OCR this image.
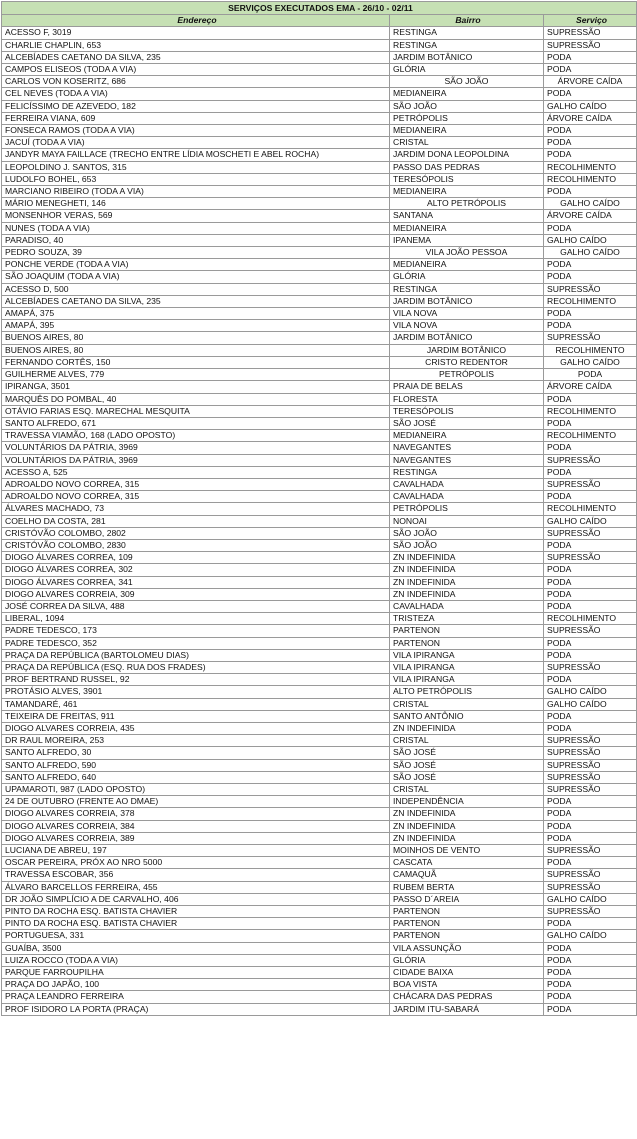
SERVIÇOS EXECUTADOS EMA - 26/10 - 02/11		
Endereço	Bairro	Serviço
ACESSO F, 3019	RESTINGA	SUPRESSÃO
CHARLIE CHAPLIN, 653	RESTINGA	SUPRESSÃO
ALCEBÍADES CAETANO DA SILVA, 235	JARDIM BOTÂNICO	PODA
CAMPOS ELISEOS (TODA A VIA)	GLÓRIA	PODA
CARLOS VON KOSERITZ, 686	SÃO JOÃO	ÁRVORE CAÍDA
CEL NEVES (TODA A VIA)	MEDIANEIRA	PODA
FELICÍSSIMO DE AZEVEDO, 182	SÃO JOÃO	GALHO CAÍDO
FERREIRA VIANA, 609	PETRÓPOLIS	ÁRVORE CAÍDA
FONSECA RAMOS (TODA A VIA)	MEDIANEIRA	PODA
JACUÍ (TODA A VIA)	CRISTAL	PODA
JANDYR MAYA FAILLACE (TRECHO ENTRE LÍDIA MOSCHETI E ABEL ROCHA)	JARDIM DONA LEOPOLDINA	PODA
LEOPOLDINO J. SANTOS, 315	PASSO DAS PEDRAS	RECOLHIMENTO
LUDOLFO BOHEL, 653	TERESÓPOLIS	RECOLHIMENTO
MARCIANO RIBEIRO (TODA A VIA)	MEDIANEIRA	PODA
MÁRIO MENEGHETI, 146	ALTO PETRÓPOLIS	GALHO CAÍDO
MONSENHOR VERAS, 569	SANTANA	ÁRVORE CAÍDA
NUNES (TODA A VIA)	MEDIANEIRA	PODA
PARADISO, 40	IPANEMA	GALHO CAÍDO
PEDRO SOUZA, 39	VILA JOÃO PESSOA	GALHO CAÍDO
PONCHE VERDE (TODA A VIA)	MEDIANEIRA	PODA
SÃO JOAQUIM (TODA A VIA)	GLÓRIA	PODA
ACESSO D, 500	RESTINGA	SUPRESSÃO
ALCEBÍADES CAETANO DA SILVA, 235	JARDIM BOTÂNICO	RECOLHIMENTO
AMAPÁ, 375	VILA NOVA	PODA
AMAPÁ, 395	VILA NOVA	PODA
BUENOS AIRES, 80	JARDIM BOTÂNICO	SUPRESSÃO
BUENOS AIRES, 80	JARDIM BOTÂNICO	RECOLHIMENTO
FERNANDO CORTÊS, 150	CRISTO REDENTOR	GALHO CAÍDO
GUILHERME ALVES, 779	PETRÓPOLIS	PODA
IPIRANGA, 3501	PRAIA DE BELAS	ÁRVORE CAÍDA
MARQUÊS DO POMBAL, 40	FLORESTA	PODA
OTÁVIO FARIAS ESQ. MARECHAL MESQUITA	TERESÓPOLIS	RECOLHIMENTO
SANTO ALFREDO, 671	SÃO JOSÉ	PODA
TRAVESSA VIAMÃO, 168 (LADO OPOSTO)	MEDIANEIRA	RECOLHIMENTO
VOLUNTÁRIOS DA PÁTRIA, 3969	NAVEGANTES	PODA
VOLUNTÁRIOS DA PÁTRIA, 3969	NAVEGANTES	SUPRESSÃO
ACESSO A, 525	RESTINGA	PODA
ADROALDO NOVO CORREA, 315	CAVALHADA	SUPRESSÃO
ADROALDO NOVO CORREA, 315	CAVALHADA	PODA
ÁLVARES MACHADO, 73	PETRÓPOLIS	RECOLHIMENTO
COELHO DA COSTA, 281	NONOAI	GALHO CAÍDO
CRISTÓVÃO COLOMBO, 2802	SÃO JOÃO	SUPRESSÃO
CRISTÓVÃO COLOMBO, 2830	SÃO JOÃO	PODA
DIOGO ÁLVARES CORREA, 109	ZN INDEFINIDA	SUPRESSÃO
DIOGO ÁLVARES CORREA, 302	ZN INDEFINIDA	PODA
DIOGO ÁLVARES CORREA, 341	ZN INDEFINIDA	PODA
DIOGO ALVARES CORREIA, 309	ZN INDEFINIDA	PODA
JOSÉ CORREA DA SILVA, 488	CAVALHADA	PODA
LIBERAL, 1094	TRISTEZA	RECOLHIMENTO
PADRE TEDESCO, 173	PARTENON	SUPRESSÃO
PADRE TEDESCO, 352	PARTENON	PODA
PRAÇA DA REPÚBLICA (BARTOLOMEU DIAS)	VILA IPIRANGA	PODA
PRAÇA DA REPÚBLICA (ESQ. RUA DOS FRADES)	VILA IPIRANGA	SUPRESSÃO
PROF BERTRAND RUSSEL, 92	VILA IPIRANGA	PODA
PROTÁSIO ALVES, 3901	ALTO PETRÓPOLIS	GALHO CAÍDO
TAMANDARÉ, 461	CRISTAL	GALHO CAÍDO
TEIXEIRA DE FREITAS, 911	SANTO ANTÔNIO	PODA
DIOGO ALVARES CORREIA, 435	ZN INDEFINIDA	PODA
DR RAUL MOREIRA, 253	CRISTAL	SUPRESSÃO
SANTO ALFREDO, 30	SÃO JOSÉ	SUPRESSÃO
SANTO ALFREDO, 590	SÃO JOSÉ	SUPRESSÃO
SANTO ALFREDO, 640	SÃO JOSÉ	SUPRESSÃO
UPAMAROTI, 987 (LADO OPOSTO)	CRISTAL	SUPRESSÃO
24 DE OUTUBRO (FRENTE AO DMAE)	INDEPENDÊNCIA	PODA
DIOGO ALVARES CORREIA, 378	ZN INDEFINIDA	PODA
DIOGO ALVARES CORREIA, 384	ZN INDEFINIDA	PODA
DIOGO ALVARES CORREIA, 389	ZN INDEFINIDA	PODA
LUCIANA DE ABREU, 197	MOINHOS DE VENTO	SUPRESSÃO
OSCAR PEREIRA, PRÓX AO NRO 5000	CASCATA	PODA
TRAVESSA ESCOBAR, 356	CAMAQUÃ	SUPRESSÃO
ÁLVARO BARCELLOS FERREIRA, 455	RUBEM BERTA	SUPRESSÃO
DR JOÃO SIMPLÍCIO A DE CARVALHO, 406	PASSO D´AREIA	GALHO CAÍDO
PINTO DA ROCHA ESQ. BATISTA CHAVIER	PARTENON	SUPRESSÃO
PINTO DA ROCHA ESQ. BATISTA CHAVIER	PARTENON	PODA
PORTUGUESA, 331	PARTENON	GALHO CAÍDO
GUAÍBA, 3500	VILA ASSUNÇÃO	PODA
LUIZA ROCCO (TODA A VIA)	GLÓRIA	PODA
PARQUE FARROUPILHA	CIDADE BAIXA	PODA
PRAÇA DO JAPÃO, 100	BOA VISTA	PODA
PRAÇA LEANDRO FERREIRA	CHÁCARA DAS PEDRAS	PODA
PROF ISIDORO LA PORTA (PRAÇA)	JARDIM ITU-SABARÁ	PODA
